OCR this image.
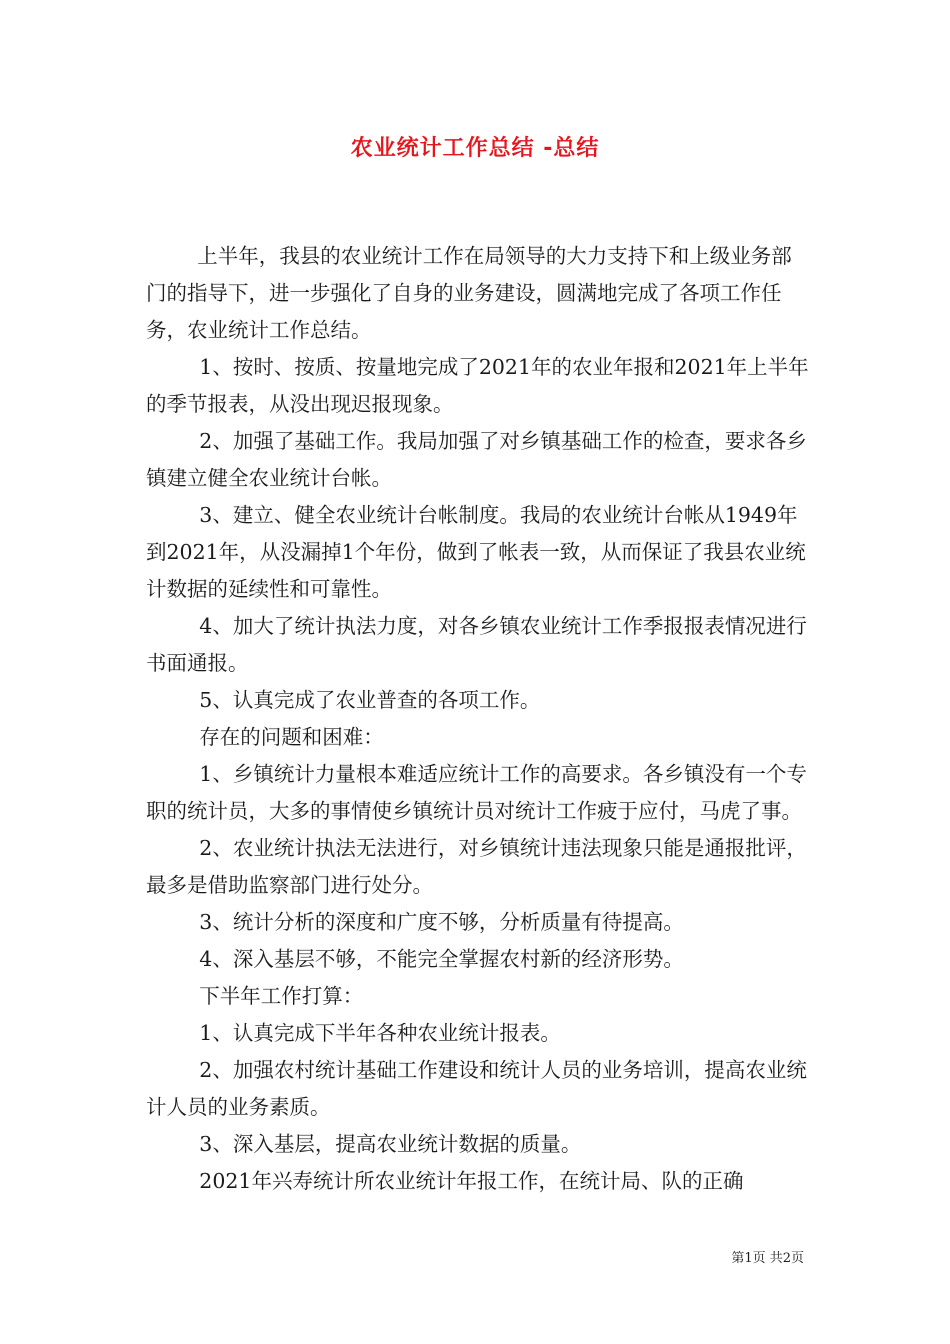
农业统计工作总结 -总结

上半年，我县的农业统计工作在局领导的大力支持下和上级业务部门的指导下，进一步强化了自身的业务建设，圆满地完成了各项工作任务，农业统计工作总结。

1、按时、按质、按量地完成了2021年的农业年报和2021年上半年的季节报表，从没出现迟报现象。

2、加强了基础工作。我局加强了对乡镇基础工作的检查，要求各乡镇建立健全农业统计台帐。

3、建立、健全农业统计台帐制度。我局的农业统计台帐从1949年到2021年，从没漏掉1个年份，做到了帐表一致，从而保证了我县农业统计数据的延续性和可靠性。

4、加大了统计执法力度，对各乡镇农业统计工作季报报表情况进行书面通报。

5、认真完成了农业普查的各项工作。

存在的问题和困难：

1、乡镇统计力量根本难适应统计工作的高要求。各乡镇没有一个专职的统计员，大多的事情使乡镇统计员对统计工作疲于应付，马虎了事。

2、农业统计执法无法进行，对乡镇统计违法现象只能是通报批评，最多是借助监察部门进行处分。

3、统计分析的深度和广度不够，分析质量有待提高。

4、深入基层不够，不能完全掌握农村新的经济形势。

下半年工作打算：

1、认真完成下半年各种农业统计报表。

2、加强农村统计基础工作建设和统计人员的业务培训，提高农业统计人员的业务素质。

3、深入基层，提高农业统计数据的质量。

2021年兴寿统计所农业统计年报工作，在统计局、队的正确

第1页 共2页
